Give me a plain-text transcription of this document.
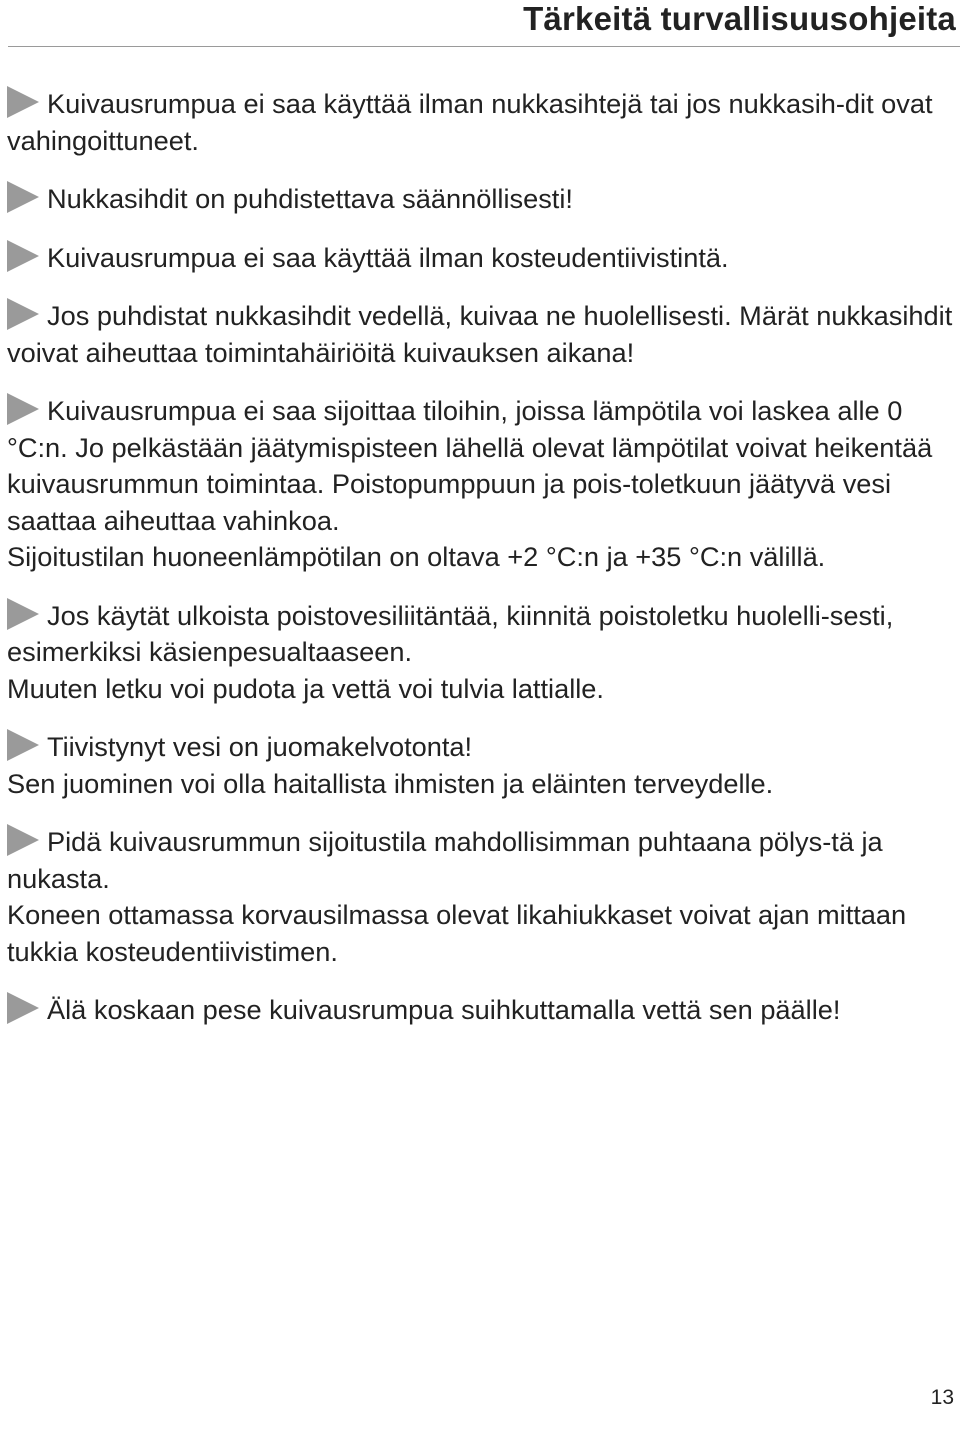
Tärkeitä turvallisuusohjeita

Kuivausrumpua ei saa käyttää ilman nukkasihtejä tai jos nukkasih-dit ovat vahingoittuneet.

Nukkasihdit on puhdistettava säännöllisesti!

Kuivausrumpua ei saa käyttää ilman kosteudentiivistintä.

Jos puhdistat nukkasihdit vedellä, kuivaa ne huolellisesti. Märät nukkasihdit voivat aiheuttaa toimintahäiriöitä kuivauksen aikana!

Kuivausrumpua ei saa sijoittaa tiloihin, joissa lämpötila voi laskea alle 0 °C:n. Jo pelkästään jäätymispisteen lähellä olevat lämpötilat voivat heikentää kuivausrummun toimintaa. Poistopumppuun ja pois-toletkuun jäätyvä vesi saattaa aiheuttaa vahinkoa.

Sijoitustilan huoneenlämpötilan on oltava +2 °C:n ja +35 °C:n välillä.

Jos käytät ulkoista poistovesiliitäntää, kiinnitä poistoletku huolelli-sesti, esimerkiksi käsienpesualtaaseen.

Muuten letku voi pudota ja vettä voi tulvia lattialle.

Tiivistynyt vesi on juomakelvotonta!

Sen juominen voi olla haitallista ihmisten ja eläinten terveydelle.

Pidä kuivausrummun sijoitustila mahdollisimman puhtaana pölys-tä ja nukasta.

Koneen ottamassa korvausilmassa olevat likahiukkaset voivat ajan mittaan tukkia kosteudentiivistimen.

Älä koskaan pese kuivausrumpua suihkuttamalla vettä sen päälle!

13
